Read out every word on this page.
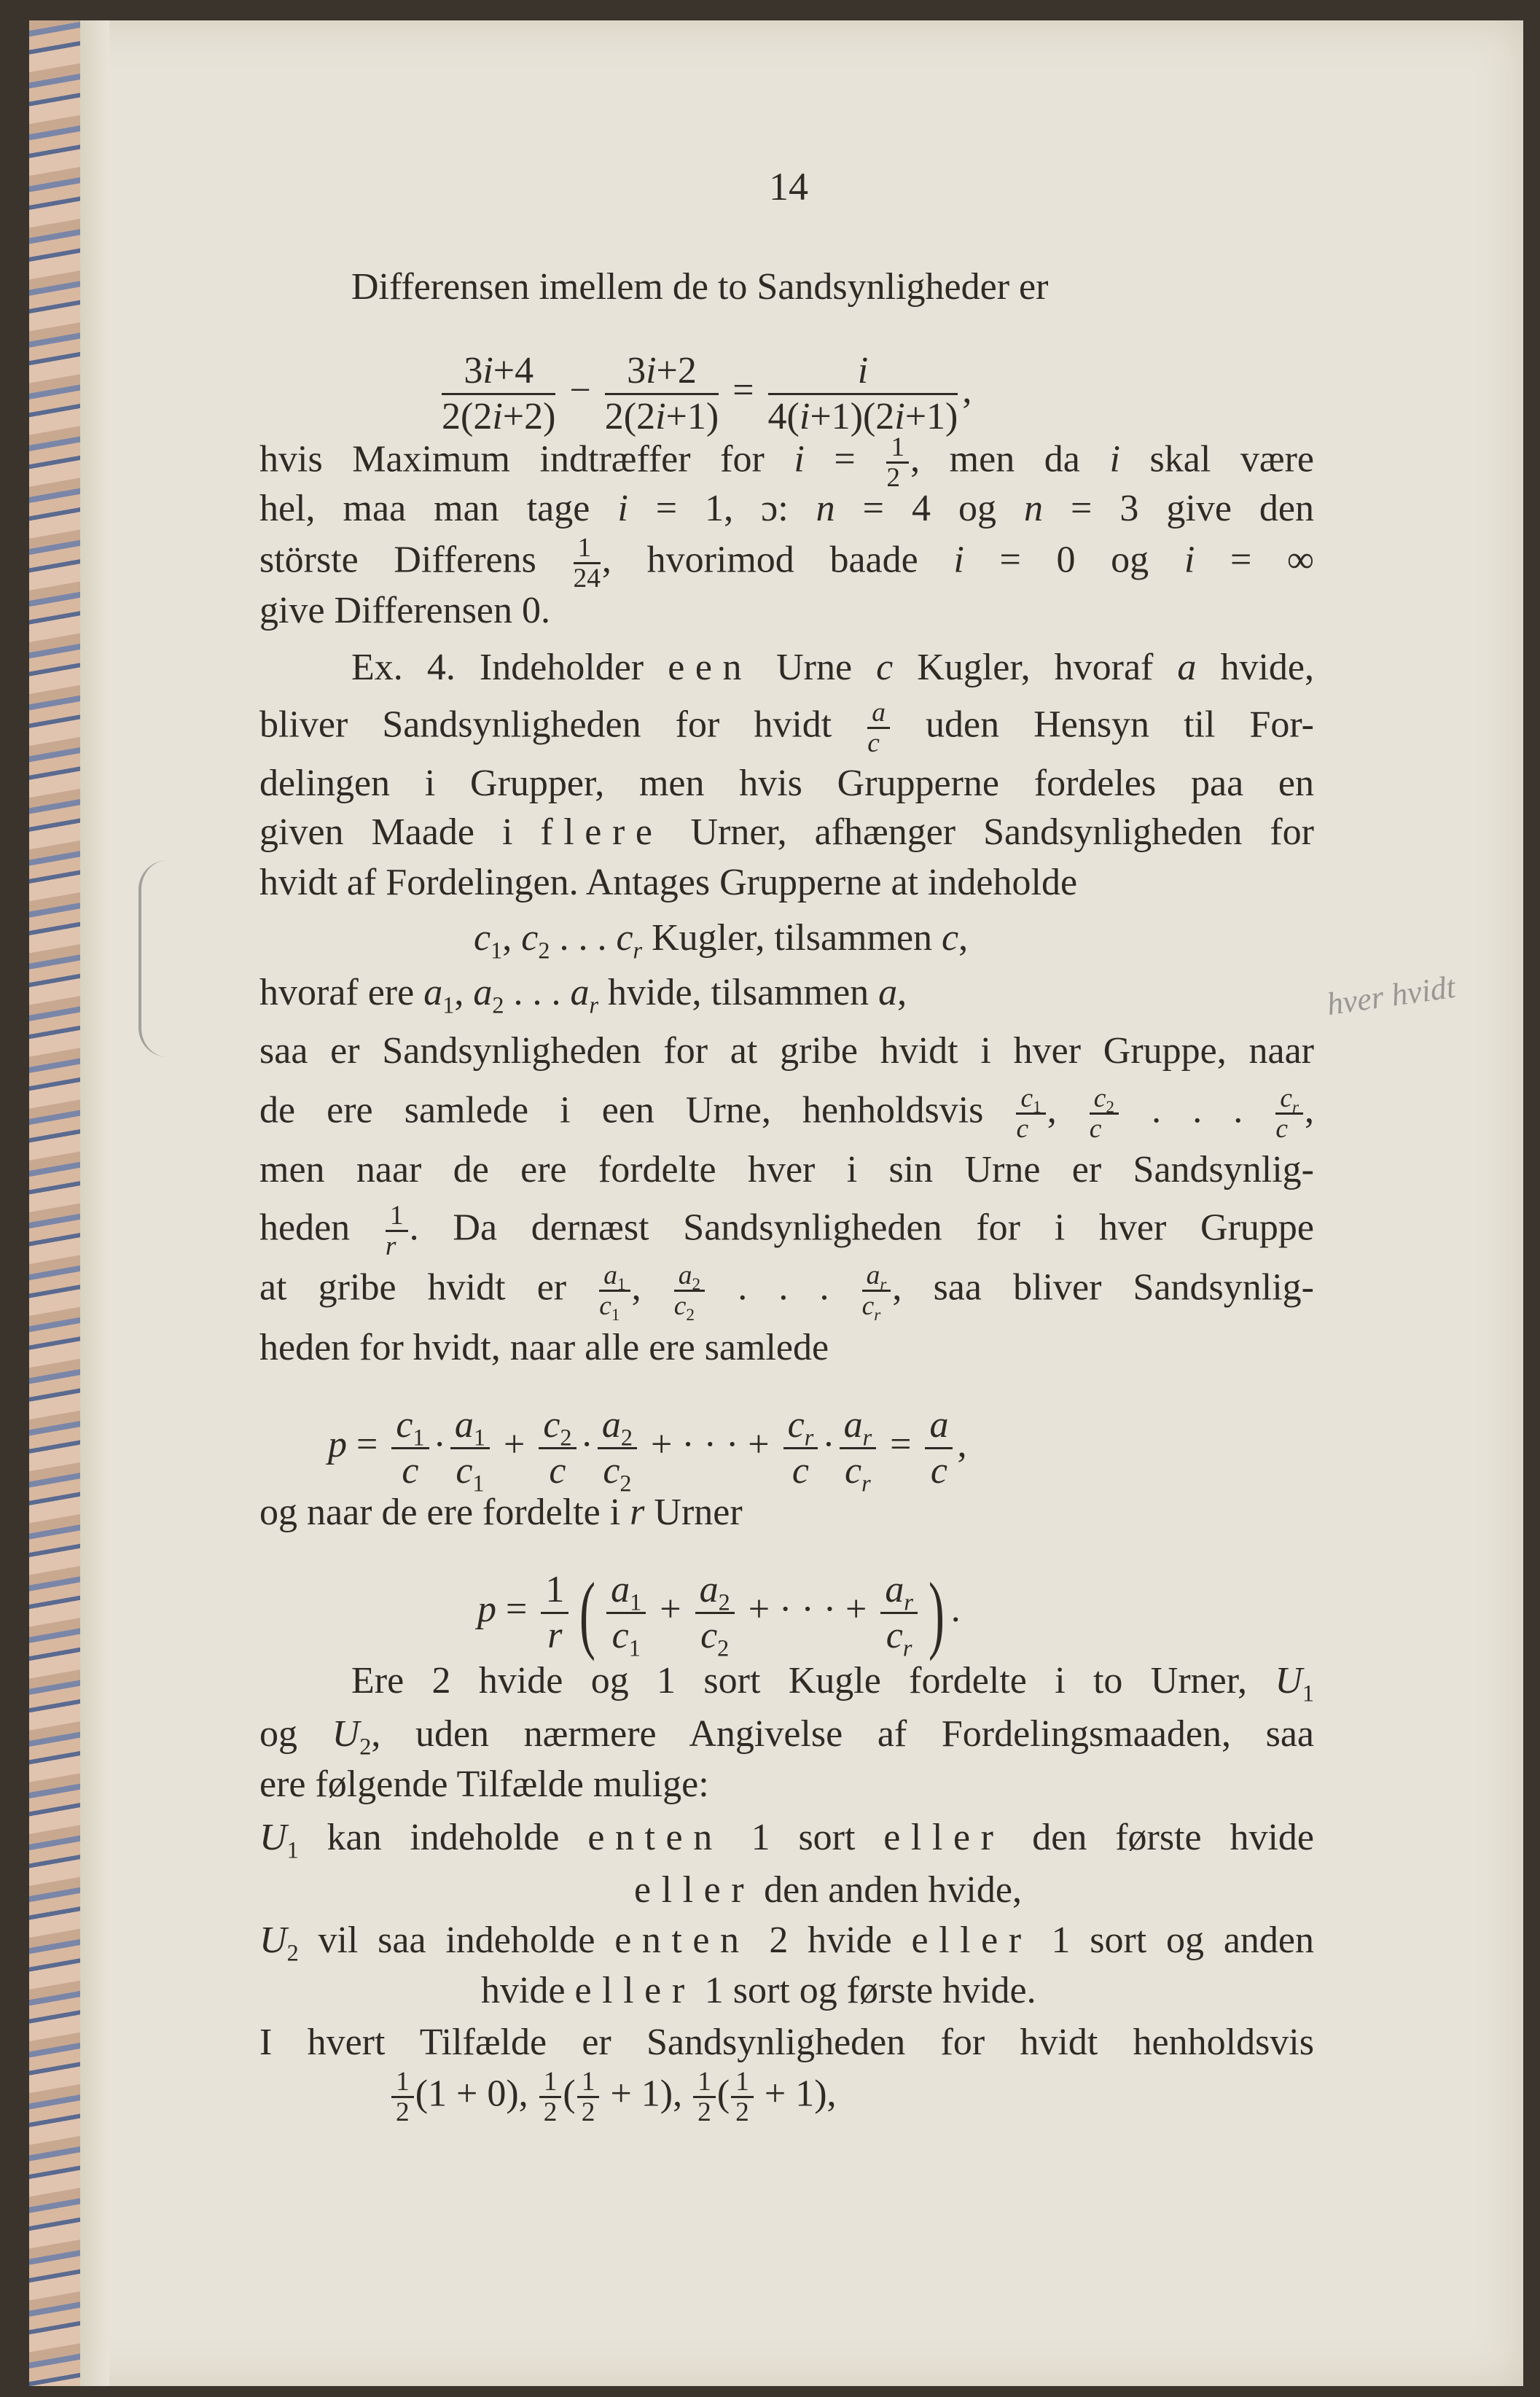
14
hver hvidt
Differensen imellem de to Sandsynligheder er
$\frac{3i+4}{2(2i+2)} - \frac{3i+2}{2(2i+1)} = \frac{i}{4(i+1)(2i+1)}$ ,
hvis Maximum indtræffer for $i = \frac{1}{2}$ , men da i skal være
hel, maa man tage i = 1, ɔ: n = 4 og n = 3 give den
störste Differens $\frac{1}{24}$ , hvorimod baade i = 0 og i = ∞
give Differensen 0.
Ex. 4. Indeholder een Urne c Kugler, hvoraf a hvide,
bliver Sandsynligheden for hvidt $\frac{a}{c}$ uden Hensyn til For-
delingen i Grupper, men hvis Grupperne fordeles paa en
given Maade i flere Urner, afhænger Sandsynligheden for
hvidt af Fordelingen. Antages Grupperne at indeholde
$c_1$, $c_2$ . . . $c_r$ Kugler, tilsammen c,
hvoraf ere $a_1$, $a_2$ . . . $a_r$ hvide, tilsammen a,
saa er Sandsynligheden for at gribe hvidt i hver Gruppe, naar
de ere samlede i een Urne, henholdsvis $\frac{c_1}{c}$ , $\frac{c_2}{c}$ . . . $\frac{c_r}{c}$ ,
men naar de ere fordelte hver i sin Urne er Sandsynlig-
heden $\frac{1}{r}$ . Da dernæst Sandsynligheden for i hver Gruppe
at gribe hvidt er $\frac{a_1}{c_1}$ , $\frac{a_2}{c_2}$ . . . $\frac{a_r}{c_r}$ , saa bliver Sandsynlig-
heden for hvidt, naar alle ere samlede
$p = \frac{c_1}{c} \cdot \frac{a_1}{c_1} + \frac{c_2}{c} \cdot \frac{a_2}{c_2}$ + · · · + $\frac{c_r}{c} \cdot \frac{a_r}{c_r} = \frac{a}{c}$ ,
og naar de ere fordelte i r Urner
$p = \frac{1}{r}$ ( $\frac{a_1}{c_1} + \frac{a_2}{c_2}$ + · · · + $\frac{a_r}{c_r}$ ) .
Ere 2 hvide og 1 sort Kugle fordelte i to Urner, $U_1$
og $U_2$, uden nærmere Angivelse af Fordelingsmaaden, saa
ere følgende Tilfælde mulige:
$U_1$ kan indeholde enten 1 sort eller den første hvide
eller den anden hvide,
$U_2$ vil saa indeholde enten 2 hvide eller 1 sort og anden
hvide eller 1 sort og første hvide.
I hvert Tilfælde er Sandsynligheden for hvidt henholdsvis
$\frac{1}{2} (1 + 0)$, $\frac{1}{2}$ ( $\frac{1}{2} + 1$), $\frac{1}{2}$ ( $\frac{1}{2} + 1$),
